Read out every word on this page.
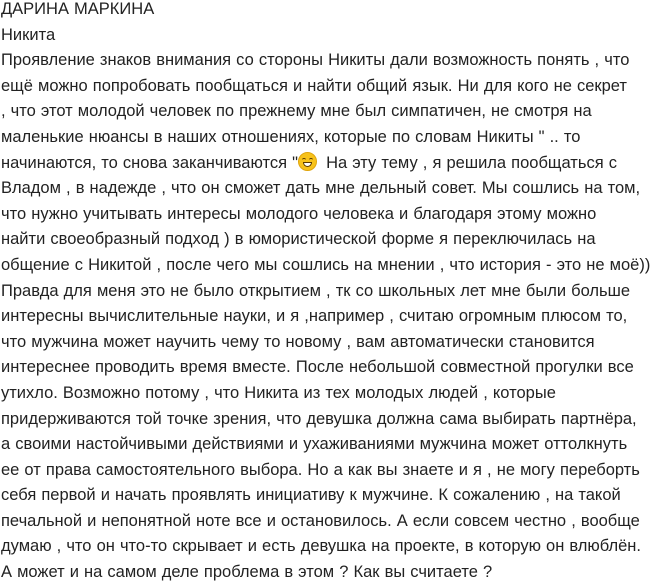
ДАРИНА МАРКИНА
Никита
Проявление знаков внимания со стороны Никиты дали возможность понять , что
ещё можно попробовать пообщаться и найти общий язык. Ни для кого не секрет
, что этот молодой человек по прежнему мне был симпатичен, не смотря на
маленькие нюансы в наших отношениях, которые по словам Никиты " .. то
начинаются, то снова заканчиваются "
На эту тему , я решила пообщаться с
Владом , в надежде , что он сможет дать мне дельный совет. Мы сошлись на том,
что нужно учитывать интересы молодого человека и благодаря этому можно
найти своеобразный подход ) в юмористической форме я переключилась на
общение с Никитой , после чего мы сошлись на мнении , что история - это не моё))
Правда для меня это не было открытием , тк со школьных лет мне были больше
интересны вычислительные науки, и я ,например , считаю огромным плюсом то,
что мужчина может научить чему то новому , вам автоматически становится
интереснее проводить время вместе. После небольшой совместной прогулки все
утихло. Возможно потому , что Никита из тех молодых людей , которые
придерживаются той точке зрения, что девушка должна сама выбирать партнёра,
а своими настойчивыми действиями и ухаживаниями мужчина может оттолкнуть
ее от права самостоятельного выбора. Но а как вы знаете и я , не могу переборть
себя первой и начать проявлять инициативу к мужчине. К сожалению , на такой
печальной и непонятной ноте все и остановилось. А если совсем честно , вообще
думаю , что он что-то скрывает и есть девушка на проекте, в которую он влюблён.
А может и на самом деле проблема в этом ? Как вы считаете ?
